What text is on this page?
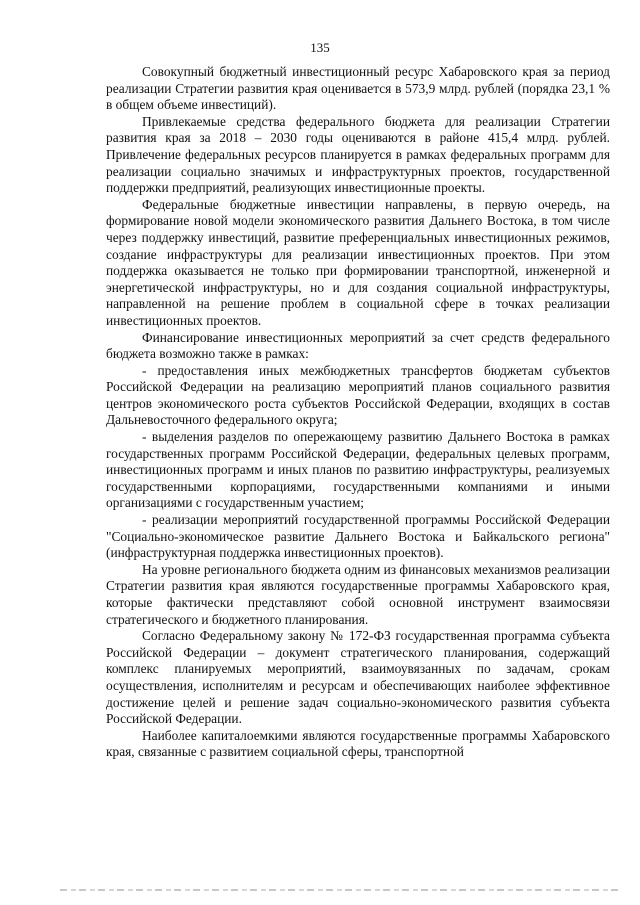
135

Совокупный бюджетный инвестиционный ресурс Хабаровского края за период реализации Стратегии развития края оценивается в 573,9 млрд. рублей (порядка 23,1 % в общем объеме инвестиций).

Привлекаемые средства федерального бюджета для реализации Стратегии развития края за 2018 – 2030 годы оцениваются в районе 415,4 млрд. рублей. Привлечение федеральных ресурсов планируется в рамках федеральных программ для реализации социально значимых и инфраструктурных проектов, государственной поддержки предприятий, реализующих инвестиционные проекты.

Федеральные бюджетные инвестиции направлены, в первую очередь, на формирование новой модели экономического развития Дальнего Востока, в том числе через поддержку инвестиций, развитие преференциальных инвестиционных режимов, создание инфраструктуры для реализации инвестиционных проектов. При этом поддержка оказывается не только при формировании транспортной, инженерной и энергетической инфраструктуры, но и для создания социальной инфраструктуры, направленной на решение проблем в социальной сфере в точках реализации инвестиционных проектов.

Финансирование инвестиционных мероприятий за счет средств федерального бюджета возможно также в рамках:

- предоставления иных межбюджетных трансфертов бюджетам субъектов Российской Федерации на реализацию мероприятий планов социального развития центров экономического роста субъектов Российской Федерации, входящих в состав Дальневосточного федерального округа;

- выделения разделов по опережающему развитию Дальнего Востока в рамках государственных программ Российской Федерации, федеральных целевых программ, инвестиционных программ и иных планов по развитию инфраструктуры, реализуемых государственными корпорациями, государственными компаниями и иными организациями с государственным участием;

- реализации мероприятий государственной программы Российской Федерации "Социально-экономическое развитие Дальнего Востока и Байкальского региона" (инфраструктурная поддержка инвестиционных проектов).

На уровне регионального бюджета одним из финансовых механизмов реализации Стратегии развития края являются государственные программы Хабаровского края, которые фактически представляют собой основной инструмент взаимосвязи стратегического и бюджетного планирования.

Согласно Федеральному закону № 172-ФЗ государственная программа субъекта Российской Федерации – документ стратегического планирования, содержащий комплекс планируемых мероприятий, взаимоувязанных по задачам, срокам осуществления, исполнителям и ресурсам и обеспечивающих наиболее эффективное достижение целей и решение задач социально-экономического развития субъекта Российской Федерации.

Наиболее капиталоемкими являются государственные программы Хабаровского края, связанные с развитием социальной сферы, транспортной
